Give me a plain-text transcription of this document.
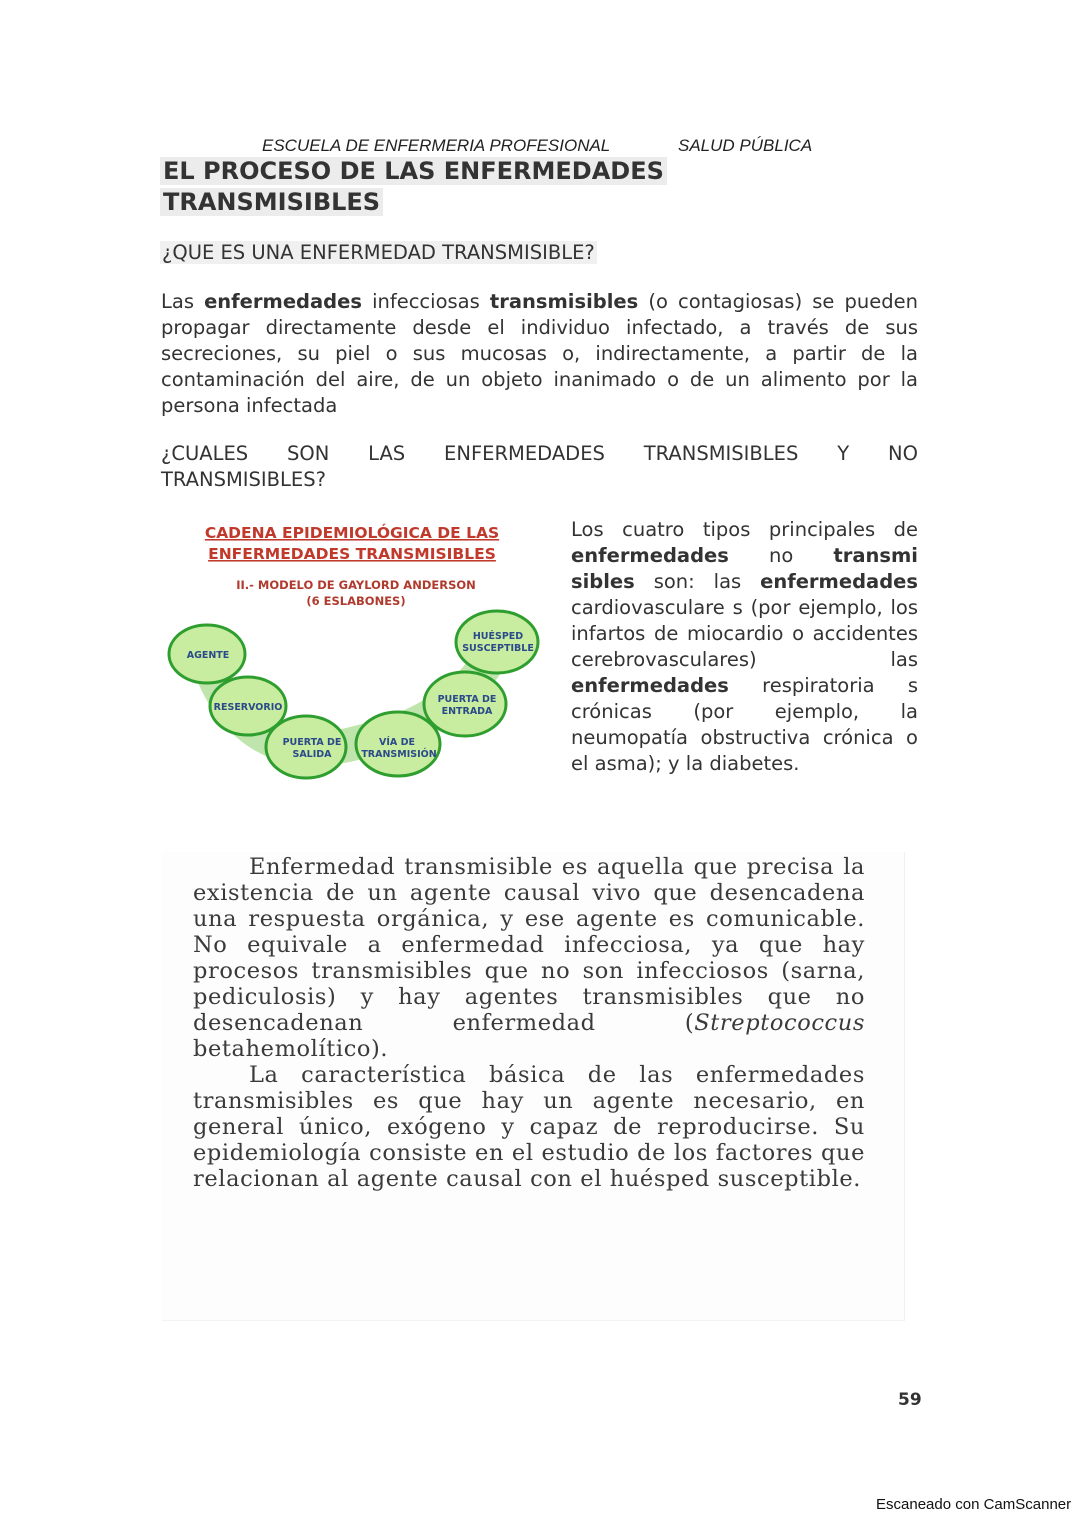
ESCUELA DE ENFERMERIA PROFESIONAL	SALUD PÚBLICA
EL PROCESO DE LAS ENFERMEDADES
TRANSMISIBLES
¿QUE ES UNA ENFERMEDAD TRANSMISIBLE?
Las enfermedades infecciosas transmisibles (o contagiosas) se pueden propagar directamente desde el individuo infectado, a través de sus secreciones, su piel o sus mucosas o, indirectamente, a partir de la contaminación del aire, de un objeto inanimado o de un alimento por la persona infectada
¿CUALES SON LAS ENFERMEDADES TRANSMISIBLES Y NO
TRANSMISIBLES?
CADENA EPIDEMIOLÓGICA DE LAS
ENFERMEDADES TRANSMISIBLES
II.- MODELO DE GAYLORD ANDERSON
(6 ESLABONES)
AGENTE
RESERVORIO
PUERTA DE
SALIDA
VÍA DE
TRANSMISIÓN
PUERTA DE
ENTRADA
HUÉSPED
SUSCEPTIBLE
Los cuatro tipos principales de enfermedades no transmi sibles son: las enfermedades cardiovasculare s (por ejemplo, los infartos de miocardio o accidentes cerebrovasculares) las enfermedades respiratoria s crónicas (por ejemplo, la neumopatía obstructiva crónica o el asma); y la diabetes.

Enfermedad transmisible es aquella que precisa la existencia de un agente causal vivo que desencadena una respuesta orgánica, y ese agente es comunicable. No equivale a enfermedad infecciosa, ya que hay procesos transmisibles que no son infecciosos (sarna, pediculosis) y hay agentes transmisibles que no desencadenan enfermedad (Streptococcus betahemolítico).

La característica básica de las enfermedades transmisibles es que hay un agente necesario, en general único, exógeno y capaz de reproducirse. Su epidemiología consiste en el estudio de los factores que relacionan al agente causal con el huésped susceptible.

59
Escaneado con CamScanner
